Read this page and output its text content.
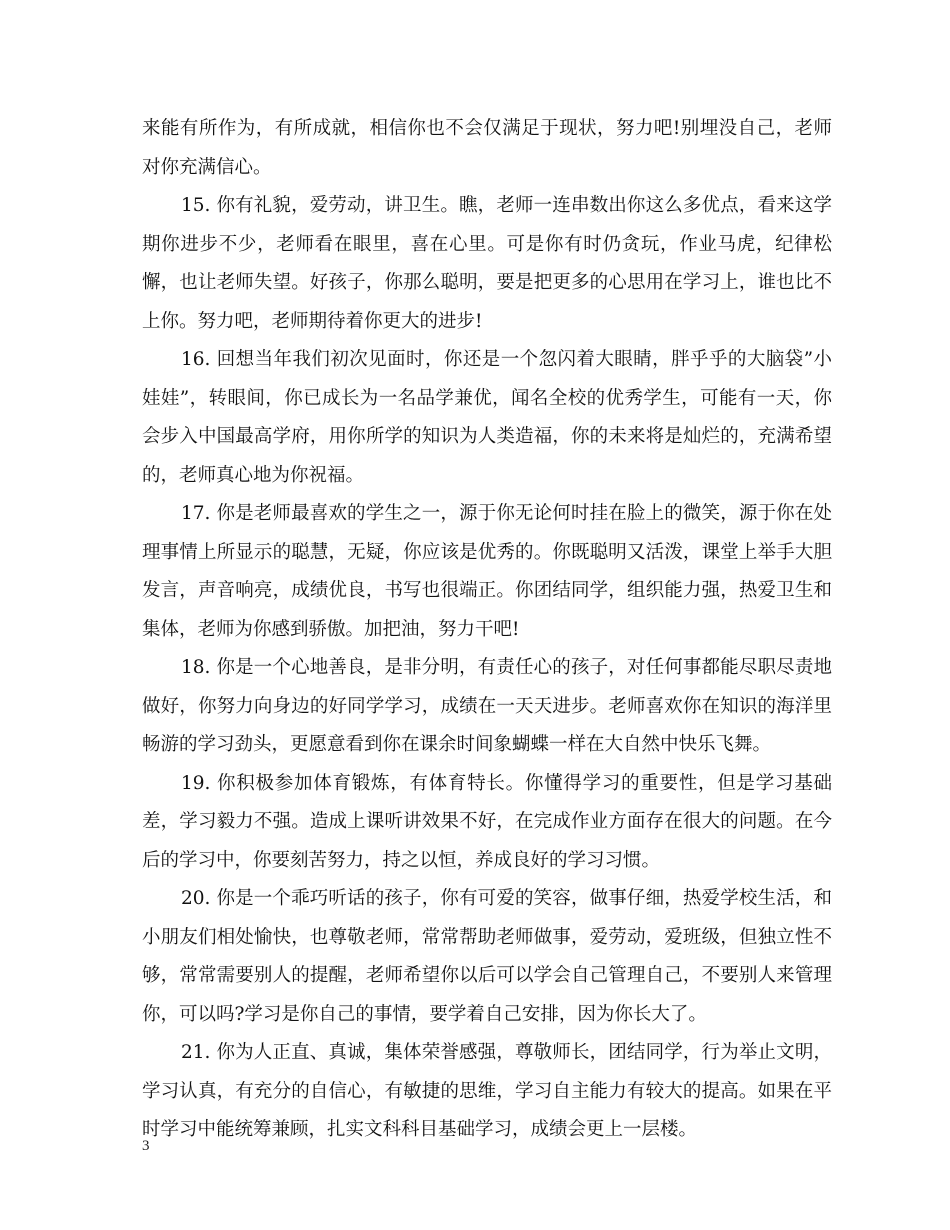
来能有所作为，有所成就，相信你也不会仅满足于现状，努力吧!别埋没自己，老师对你充满信心。

15. 你有礼貌，爱劳动，讲卫生。瞧，老师一连串数出你这么多优点，看来这学期你进步不少，老师看在眼里，喜在心里。可是你有时仍贪玩，作业马虎，纪律松懈，也让老师失望。好孩子，你那么聪明，要是把更多的心思用在学习上，谁也比不上你。努力吧，老师期待着你更大的进步!

16. 回想当年我们初次见面时，你还是一个忽闪着大眼睛，胖乎乎的大脑袋”小娃娃”，转眼间，你已成长为一名品学兼优，闻名全校的优秀学生，可能有一天，你会步入中国最高学府，用你所学的知识为人类造福，你的未来将是灿烂的，充满希望的，老师真心地为你祝福。

17. 你是老师最喜欢的学生之一，源于你无论何时挂在脸上的微笑，源于你在处理事情上所显示的聪慧，无疑，你应该是优秀的。你既聪明又活泼，课堂上举手大胆发言，声音响亮，成绩优良，书写也很端正。你团结同学，组织能力强，热爱卫生和集体，老师为你感到骄傲。加把油，努力干吧!

18. 你是一个心地善良，是非分明，有责任心的孩子，对任何事都能尽职尽责地做好，你努力向身边的好同学学习，成绩在一天天进步。老师喜欢你在知识的海洋里畅游的学习劲头，更愿意看到你在课余时间象蝴蝶一样在大自然中快乐飞舞。

19. 你积极参加体育锻炼，有体育特长。你懂得学习的重要性，但是学习基础差，学习毅力不强。造成上课听讲效果不好，在完成作业方面存在很大的问题。在今后的学习中，你要刻苦努力，持之以恒，养成良好的学习习惯。

20. 你是一个乖巧听话的孩子，你有可爱的笑容，做事仔细，热爱学校生活，和小朋友们相处愉快，也尊敬老师，常常帮助老师做事，爱劳动，爱班级，但独立性不够，常常需要别人的提醒，老师希望你以后可以学会自己管理自己，不要别人来管理你，可以吗?学习是你自己的事情，要学着自己安排，因为你长大了。

21. 你为人正直、真诚，集体荣誉感强，尊敬师长，团结同学，行为举止文明，学习认真，有充分的自信心，有敏捷的思维，学习自主能力有较大的提高。如果在平时学习中能统筹兼顾，扎实文科科目基础学习，成绩会更上一层楼。

3
